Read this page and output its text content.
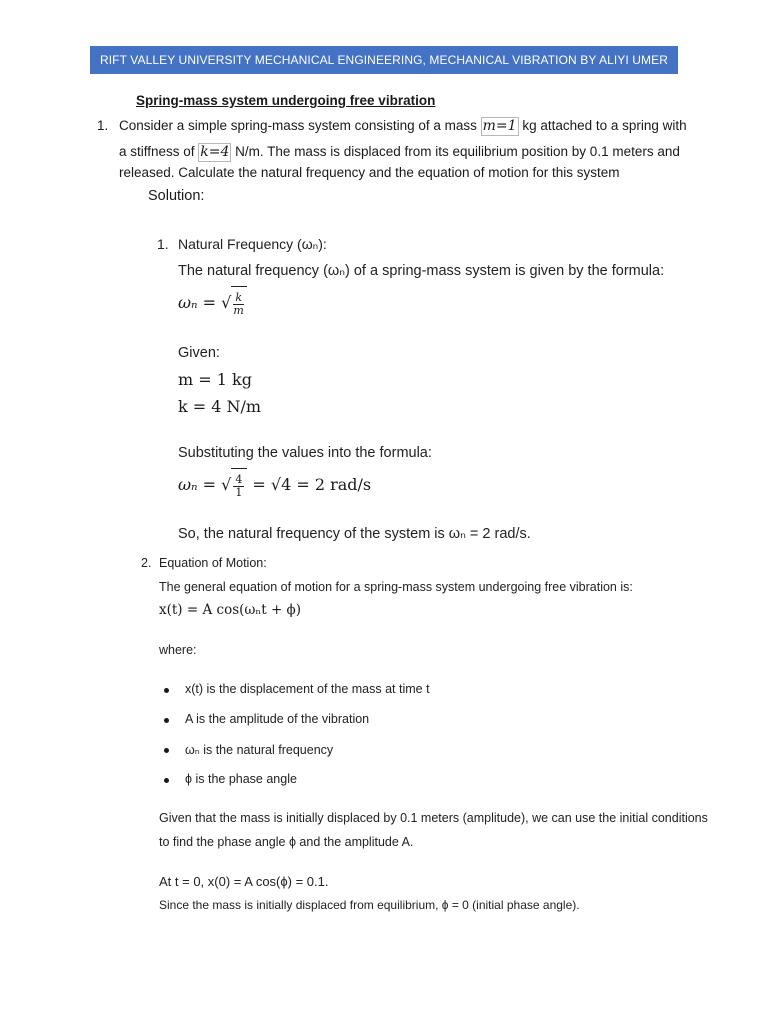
RIFT VALLEY UNIVERSITY MECHANICAL ENGINEERING, MECHANICAL VIBRATION BY ALIYI UMER
Spring-mass system undergoing free vibration
1. Consider a simple spring-mass system consisting of a mass m=1 kg attached to a spring with
a stiffness of k=4 N/m. The mass is displaced from its equilibrium position by 0.1 meters and
released. Calculate the natural frequency and the equation of motion for this system
Solution:
1. Natural Frequency (ωₙ):
The natural frequency (ωₙ) of a spring-mass system is given by the formula:
ωₙ = √ $\frac{k}{m}$
Given:
m = 1 kg
k = 4 N/m
Substituting the values into the formula:
ωₙ = √ $\frac{4}{1} = √4 = 2$ rad/s
So, the natural frequency of the system is ωₙ = 2 rad/s.
2. Equation of Motion:
The general equation of motion for a spring-mass system undergoing free vibration is:
x(t) = A cos(ωₙt + ϕ)
where:
x(t) is the displacement of the mass at time t
A is the amplitude of the vibration
ωₙ is the natural frequency
ϕ is the phase angle
Given that the mass is initially displaced by 0.1 meters (amplitude), we can use the initial conditions
to find the phase angle ϕ and the amplitude A.
At t = 0, x(0) = A cos(ϕ) = 0.1.
Since the mass is initially displaced from equilibrium, ϕ = 0 (initial phase angle).
